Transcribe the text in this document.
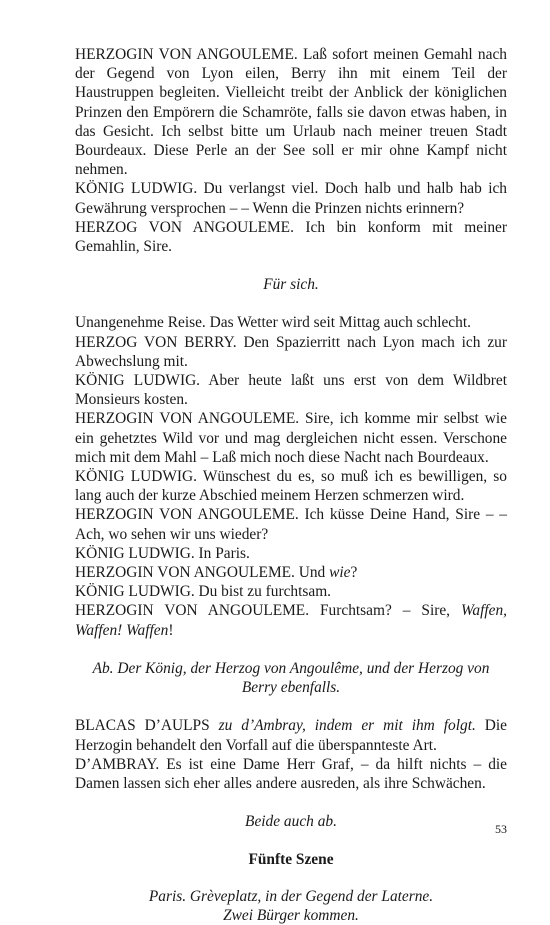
HERZOGIN VON ANGOULEME. Laß sofort meinen Gemahl nach der Gegend von Lyon eilen, Berry ihn mit einem Teil der Haustruppen begleiten. Vielleicht treibt der Anblick der königlichen Prinzen den Empörern die Schamröte, falls sie davon etwas haben, in das Gesicht. Ich selbst bitte um Urlaub nach meiner treuen Stadt Bourdeaux. Diese Perle an der See soll er mir ohne Kampf nicht nehmen.

KÖNIG LUDWIG. Du verlangst viel. Doch halb und halb hab ich Gewährung versprochen – – Wenn die Prinzen nichts erinnern?

HERZOG VON ANGOULEME. Ich bin konform mit meiner Gemahlin, Sire.

Für sich.

Unangenehme Reise. Das Wetter wird seit Mittag auch schlecht.

HERZOG VON BERRY. Den Spazierritt nach Lyon mach ich zur Abwechslung mit.

KÖNIG LUDWIG. Aber heute laßt uns erst von dem Wildbret Monsieurs kosten.

HERZOGIN VON ANGOULEME. Sire, ich komme mir selbst wie ein gehetztes Wild vor und mag dergleichen nicht essen. Verschone mich mit dem Mahl – Laß mich noch diese Nacht nach Bourdeaux.

KÖNIG LUDWIG. Wünschest du es, so muß ich es bewilligen, so lang auch der kurze Abschied meinem Herzen schmerzen wird.

HERZOGIN VON ANGOULEME. Ich küsse Deine Hand, Sire – – Ach, wo sehen wir uns wieder?

KÖNIG LUDWIG. In Paris.

HERZOGIN VON ANGOULEME. Und wie?

KÖNIG LUDWIG. Du bist zu furchtsam.

HERZOGIN VON ANGOULEME. Furchtsam? – Sire, Waffen, Waffen! Waffen!

Ab. Der König, der Herzog von Angoulême, und der Herzog von Berry ebenfalls.

BLACAS D’AULPS zu d’Ambray, indem er mit ihm folgt. Die Herzogin behandelt den Vorfall auf die überspannteste Art.

D’AMBRAY. Es ist eine Dame Herr Graf, – da hilft nichts – die Damen lassen sich eher alles andere ausreden, als ihre Schwächen.

Beide auch ab.

Fünfte Szene

Paris. Grèveplatz, in der Gegend der Laterne.

Zwei Bürger kommen.

53
